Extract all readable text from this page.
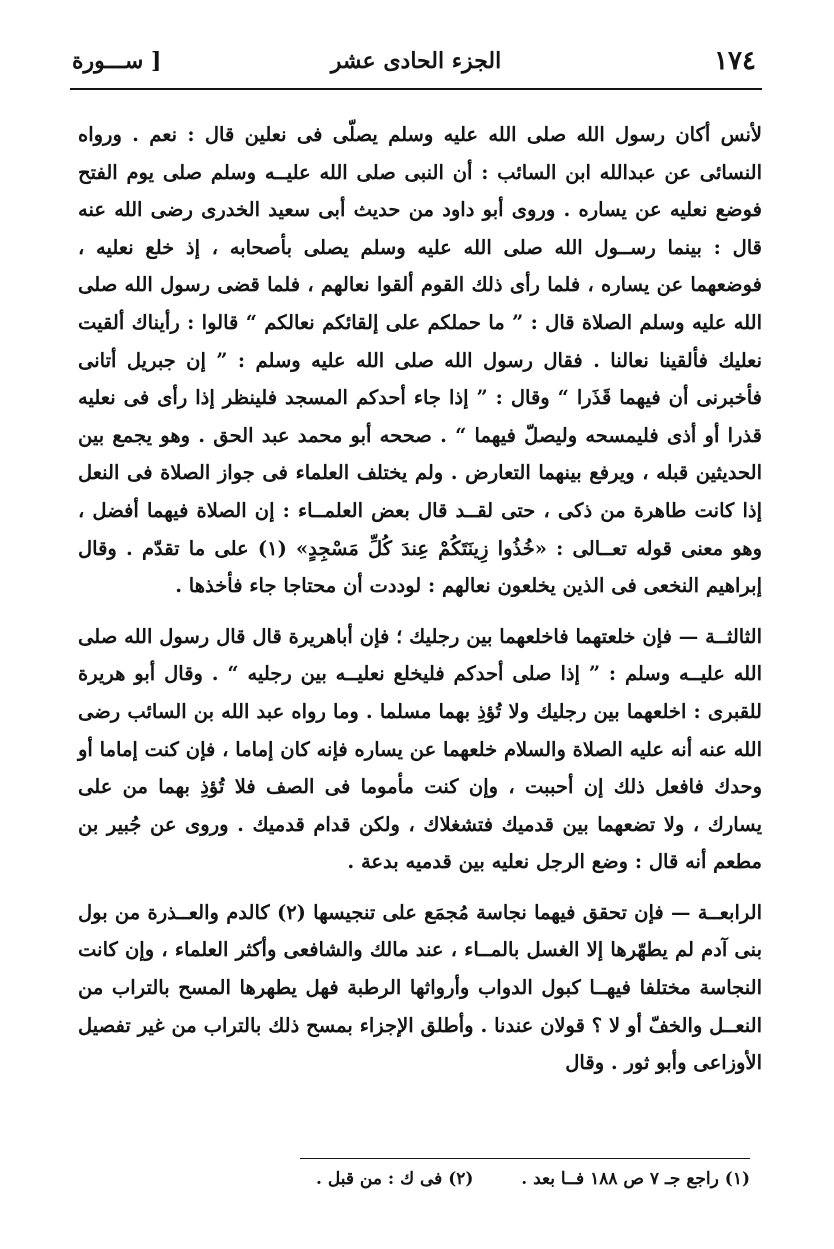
[ ســـورة	الجزء الحادى عشر	١٧٤

لأنس أكان رسول الله صلى الله عليه وسلم يصلّى فى نعلين قال : نعم . ورواه النسائى عن عبدالله ابن السائب : أن النبى صلى الله عليــه وسلم صلى يوم الفتح فوضع نعليه عن يساره . وروى أبو داود من حديث أبى سعيد الخدرى رضى الله عنه قال : بينما رســول الله صلى الله عليه وسلم يصلى بأصحابه ، إذ خلع نعليه ، فوضعهما عن يساره ، فلما رأى ذلك القوم ألقوا نعالهم ، فلما قضى رسول الله صلى الله عليه وسلم الصلاة قال : ” ما حملكم على إلقائكم نعالكم “ قالوا : رأيناك ألقيت نعليك فألقينا نعالنا . فقال رسول الله صلى الله عليه وسلم : ” إن جبريل أتانى فأخبرنى أن فيهما قَذَرا “ وقال : ” إذا جاء أحدكم المسجد فلينظر إذا رأى فى نعليه قذرا أو أذى فليمسحه وليصلّ فيهما “ . صححه أبو محمد عبد الحق . وهو يجمع بين الحديثين قبله ، ويرفع بينهما التعارض . ولم يختلف العلماء فى جواز الصلاة فى النعل إذا كانت طاهرة من ذكى ، حتى لقــد قال بعض العلمــاء : إن الصلاة فيهما أفضل ، وهو معنى قوله تعــالى : «خُذُوا زِينَتَكُمْ عِندَ كُلِّ مَسْجِدٍ» (١) على ما تقدّم . وقال إبراهيم النخعى فى الذين يخلعون نعالهم : لوددت أن محتاجا جاء فأخذها .

الثالثــة — فإن خلعتهما فاخلعهما بين رجليك ؛ فإن أباهريرة قال قال رسول الله صلى الله عليــه وسلم : ” إذا صلى أحدكم فليخلع نعليــه بين رجليه “ . وقال أبو هريرة للقبرى : اخلعهما بين رجليك ولا تُؤذِ بهما مسلما . وما رواه عبد الله بن السائب رضى الله عنه أنه عليه الصلاة والسلام خلعهما عن يساره فإنه كان إماما ، فإن كنت إماما أو وحدك فافعل ذلك إن أحببت ، وإن كنت مأموما فى الصف فلا تُؤذِ بهما من على يسارك ، ولا تضعهما بين قدميك فتشغلاك ، ولكن قدام قدميك . وروى عن جُبير بن مطعم أنه قال : وضع الرجل نعليه بين قدميه بدعة .

الرابعــة — فإن تحقق فيهما نجاسة مُجمَع على تنجيسها (٢) كالدم والعــذرة من بول بنى آدم لم يطهّرها إلا الغسل بالمــاء ، عند مالك والشافعى وأكثر العلماء ، وإن كانت النجاسة مختلفا فيهــا كبول الدواب وأرواثها الرطبة فهل يطهرها المسح بالتراب من النعــل والخفّ أو لا ؟ قولان عندنا . وأطلق الإجزاء بمسح ذلك بالتراب من غير تفصيل الأوزاعى وأبو ثور . وقال

(١) راجع جـ ٧ ص ١٨٨ فــا بعد .  (٢) فى ك : من قبل .
